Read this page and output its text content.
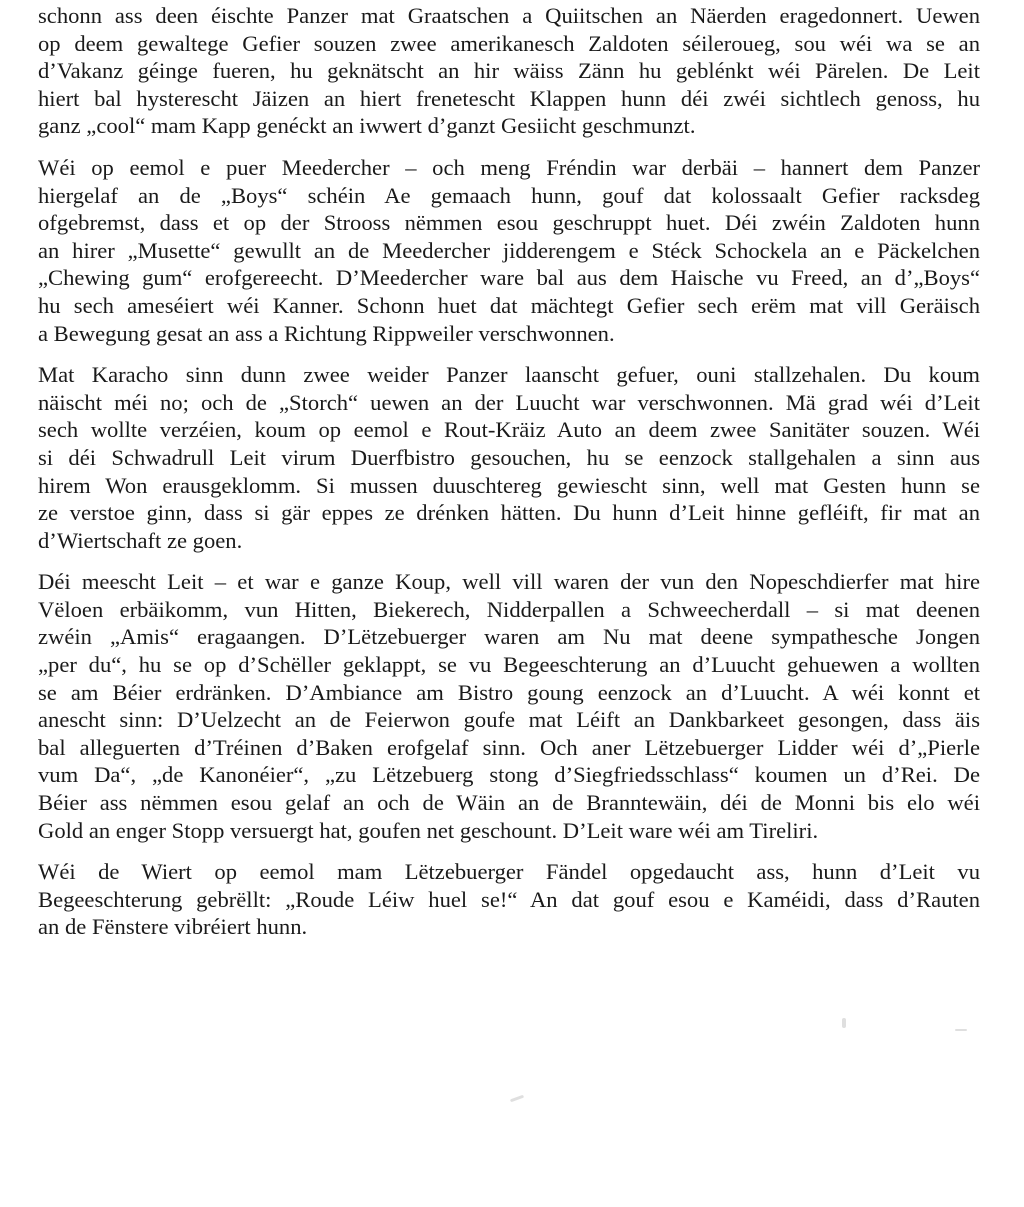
schonn ass deen éischte Panzer mat Graatschen a Quiitschen an Näerden eragedonnert. Uewen
op deem gewaltege Gefier souzen zwee amerikanesch Zaldoten séileroueg, sou wéi wa se an
d’Vakanz géinge fueren, hu geknätscht an hir wäiss Zänn hu geblénkt wéi Pärelen. De Leit
hiert bal hysterescht Jäizen an hiert frenetescht Klappen hunn déi zwéi sichtlech genoss, hu
ganz „cool“ mam Kapp genéckt an iwwert d’ganzt Gesiicht geschmunzt.
Wéi op eemol e puer Meedercher – och meng Fréndin war derbäi – hannert dem Panzer
hiergelaf an de „Boys“ schéin Ae gemaach hunn, gouf dat kolossaalt Gefier racksdeg
ofgebremst, dass et op der Strooss nëmmen esou geschruppt huet. Déi zwéin Zaldoten hunn
an hirer „Musette“ gewullt an de Meedercher jidderengem e Stéck Schockela an e Päckelchen
„Chewing gum“ erofgereecht. D’Meedercher ware bal aus dem Haische vu Freed, an d’„Boys“
hu sech ameséiert wéi Kanner. Schonn huet dat mächtegt Gefier sech erëm mat vill Geräisch
a Bewegung gesat an ass a Richtung Rippweiler verschwonnen.
Mat Karacho sinn dunn zwee weider Panzer laanscht gefuer, ouni stallzehalen. Du koum
näischt méi no; och de „Storch“ uewen an der Luucht war verschwonnen. Mä grad wéi d’Leit
sech wollte verzéien, koum op eemol e Rout-Kräiz Auto an deem zwee Sanitäter souzen. Wéi
si déi Schwadrull Leit virum Duerfbistro gesouchen, hu se eenzock stallgehalen a sinn aus
hirem Won erausgeklomm. Si mussen duuschtereg gewiescht sinn, well mat Gesten hunn se
ze verstoe ginn, dass si gär eppes ze drénken hätten. Du hunn d’Leit hinne gefléift, fir mat an
d’Wiertschaft ze goen.
Déi meescht Leit – et war e ganze Koup, well vill waren der vun den Nopeschdierfer mat hire
Vëloen erbäikomm, vun Hitten, Biekerech, Nidderpallen a Schweecherdall – si mat deenen
zwéin „Amis“ eragaangen. D’Lëtzebuerger waren am Nu mat deene sympathesche Jongen
„per du“, hu se op d’Schëller geklappt, se vu Begeeschterung an d’Luucht gehuewen a wollten
se am Béier erdränken. D’Ambiance am Bistro goung eenzock an d’Luucht. A wéi konnt et
anescht sinn: D’Uelzecht an de Feierwon goufe mat Léift an Dankbarkeet gesongen, dass äis
bal alleguerten d’Tréinen d’Baken erofgelaf sinn. Och aner Lëtzebuerger Lidder wéi d’„Pierle
vum Da“, „de Kanonéier“, „zu Lëtzebuerg stong d’Siegfriedsschlass“ koumen un d’Rei. De
Béier ass nëmmen esou gelaf an och de Wäin an de Branntewäin, déi de Monni bis elo wéi
Gold an enger Stopp versuergt hat, goufen net geschount. D’Leit ware wéi am Tireliri.
Wéi de Wiert op eemol mam Lëtzebuerger Fändel opgedaucht ass, hunn d’Leit vu
Begeeschterung gebrëllt: „Roude Léiw huel se!“ An dat gouf esou e Kaméidi, dass d’Rauten
an de Fënstere vibréiert hunn.
